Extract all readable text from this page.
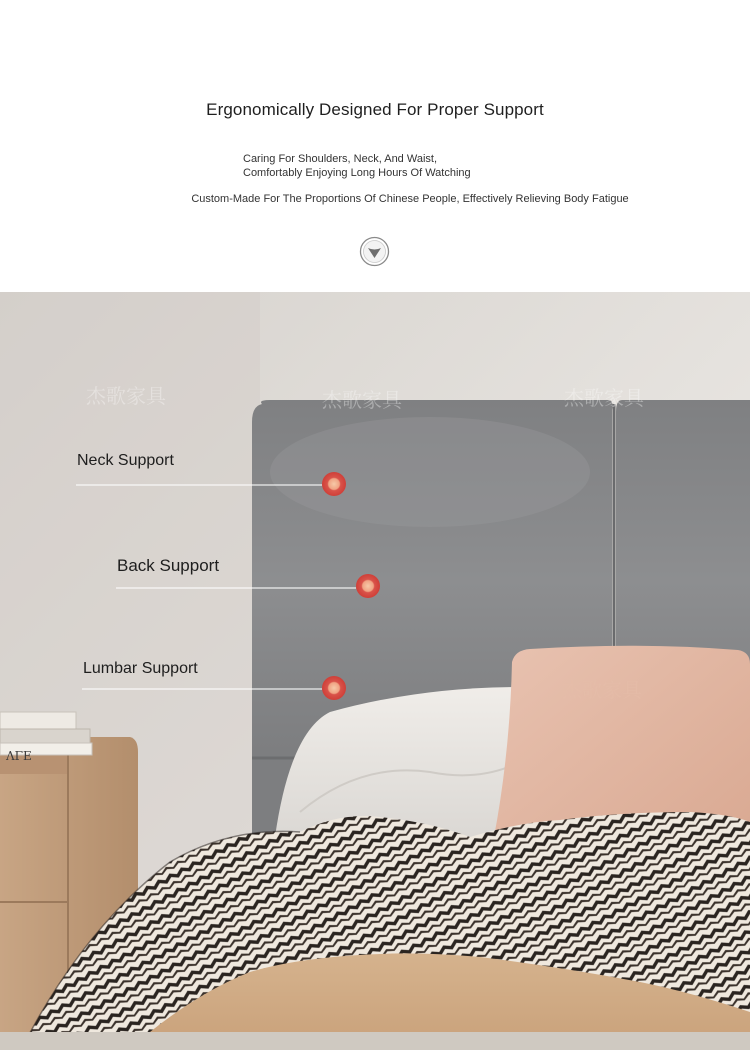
Ergonomically Designed For Proper Support
Caring For Shoulders, Neck, And Waist,
Comfortably Enjoying Long Hours Of Watching
Custom-Made For The Proportions Of Chinese People, Effectively Relieving Body Fatigue
ΛΓΕ
杰歌家具	杰歌家具	杰歌家具
杰歌家具
Neck Support
Back Support
Lumbar Support
